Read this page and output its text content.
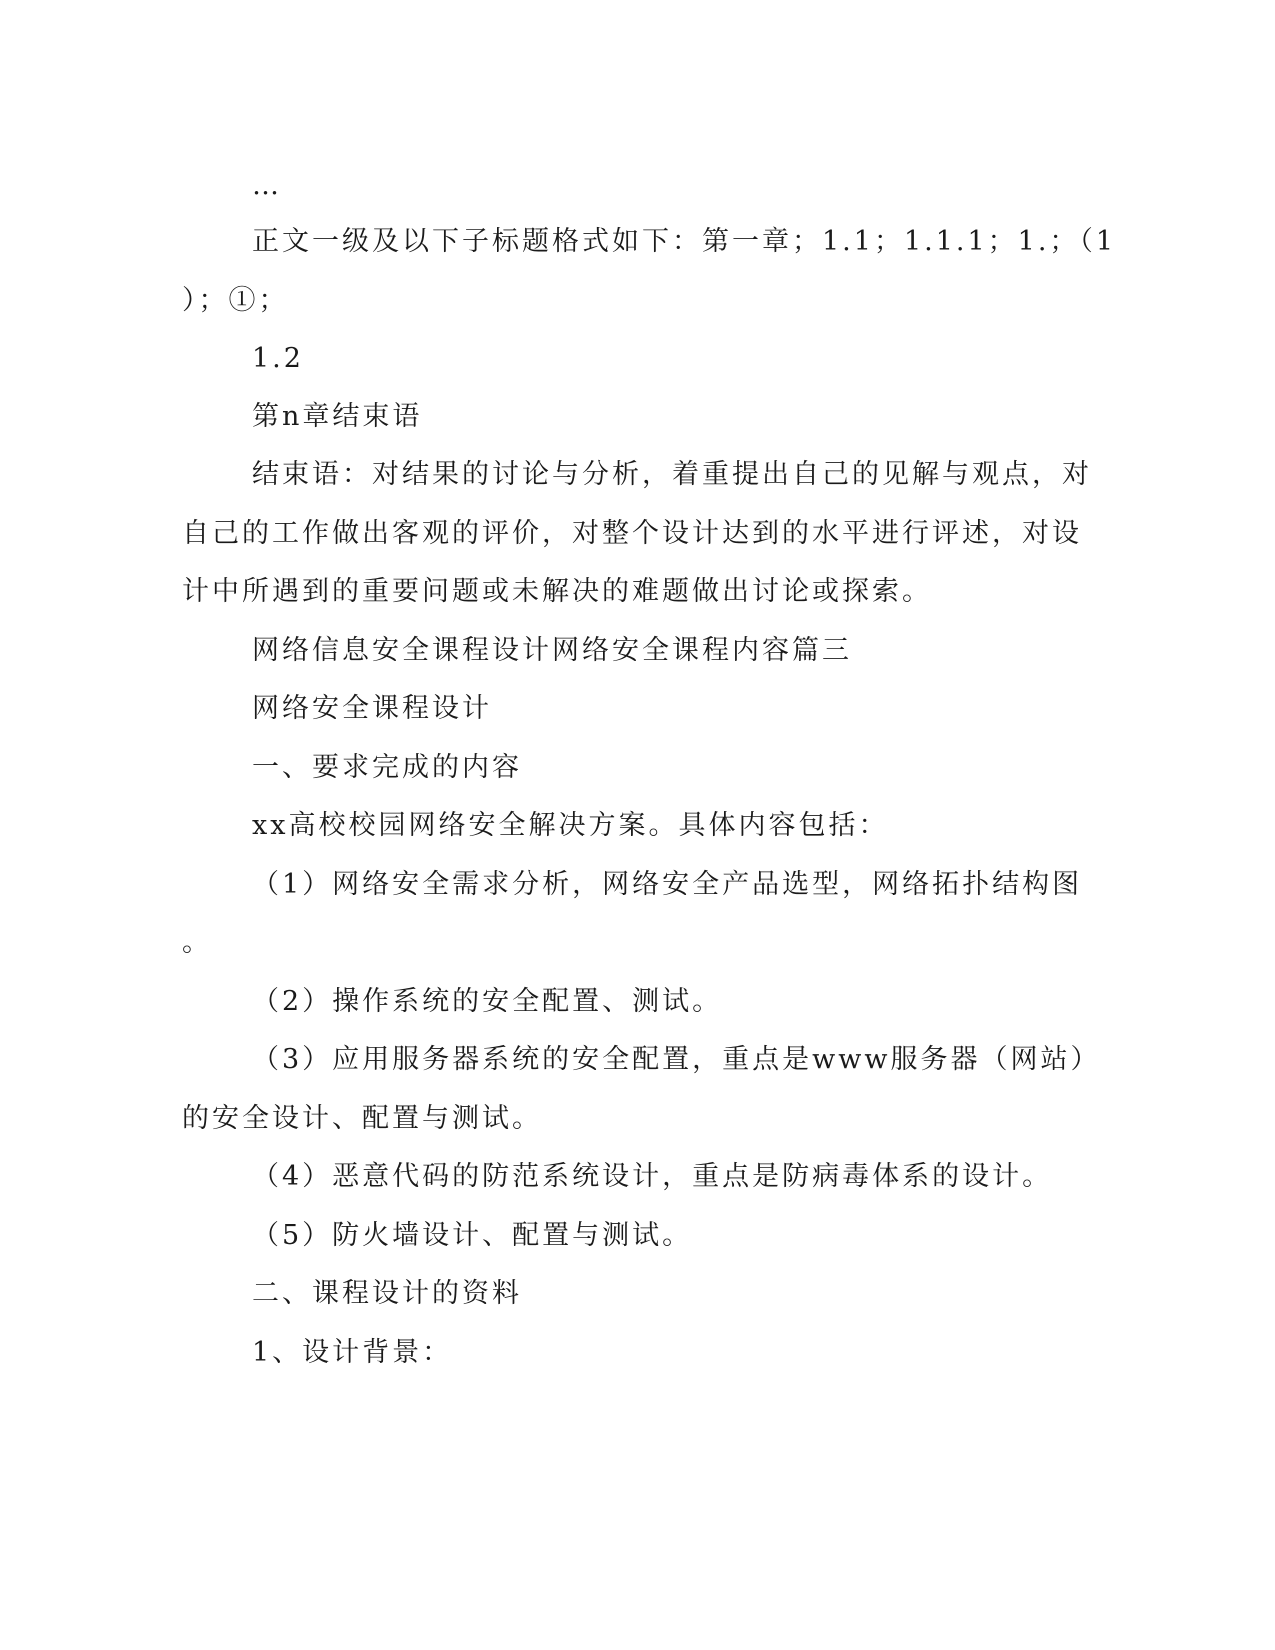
…
正文一级及以下子标题格式如下：第一章；1.1；1.1.1；1.；（1
）；①；
1.2
第n章结束语
结束语：对结果的讨论与分析，着重提出自己的见解与观点，对
自己的工作做出客观的评价，对整个设计达到的水平进行评述，对设
计中所遇到的重要问题或未解决的难题做出讨论或探索。
网络信息安全课程设计网络安全课程内容篇三
网络安全课程设计
一、要求完成的内容
xx高校校园网络安全解决方案。具体内容包括：
（1）网络安全需求分析，网络安全产品选型，网络拓扑结构图
。
（2）操作系统的安全配置、测试。
（3）应用服务器系统的安全配置，重点是www服务器（网站）
的安全设计、配置与测试。
（4）恶意代码的防范系统设计，重点是防病毒体系的设计。
（5）防火墙设计、配置与测试。
二、课程设计的资料
1、设计背景：
